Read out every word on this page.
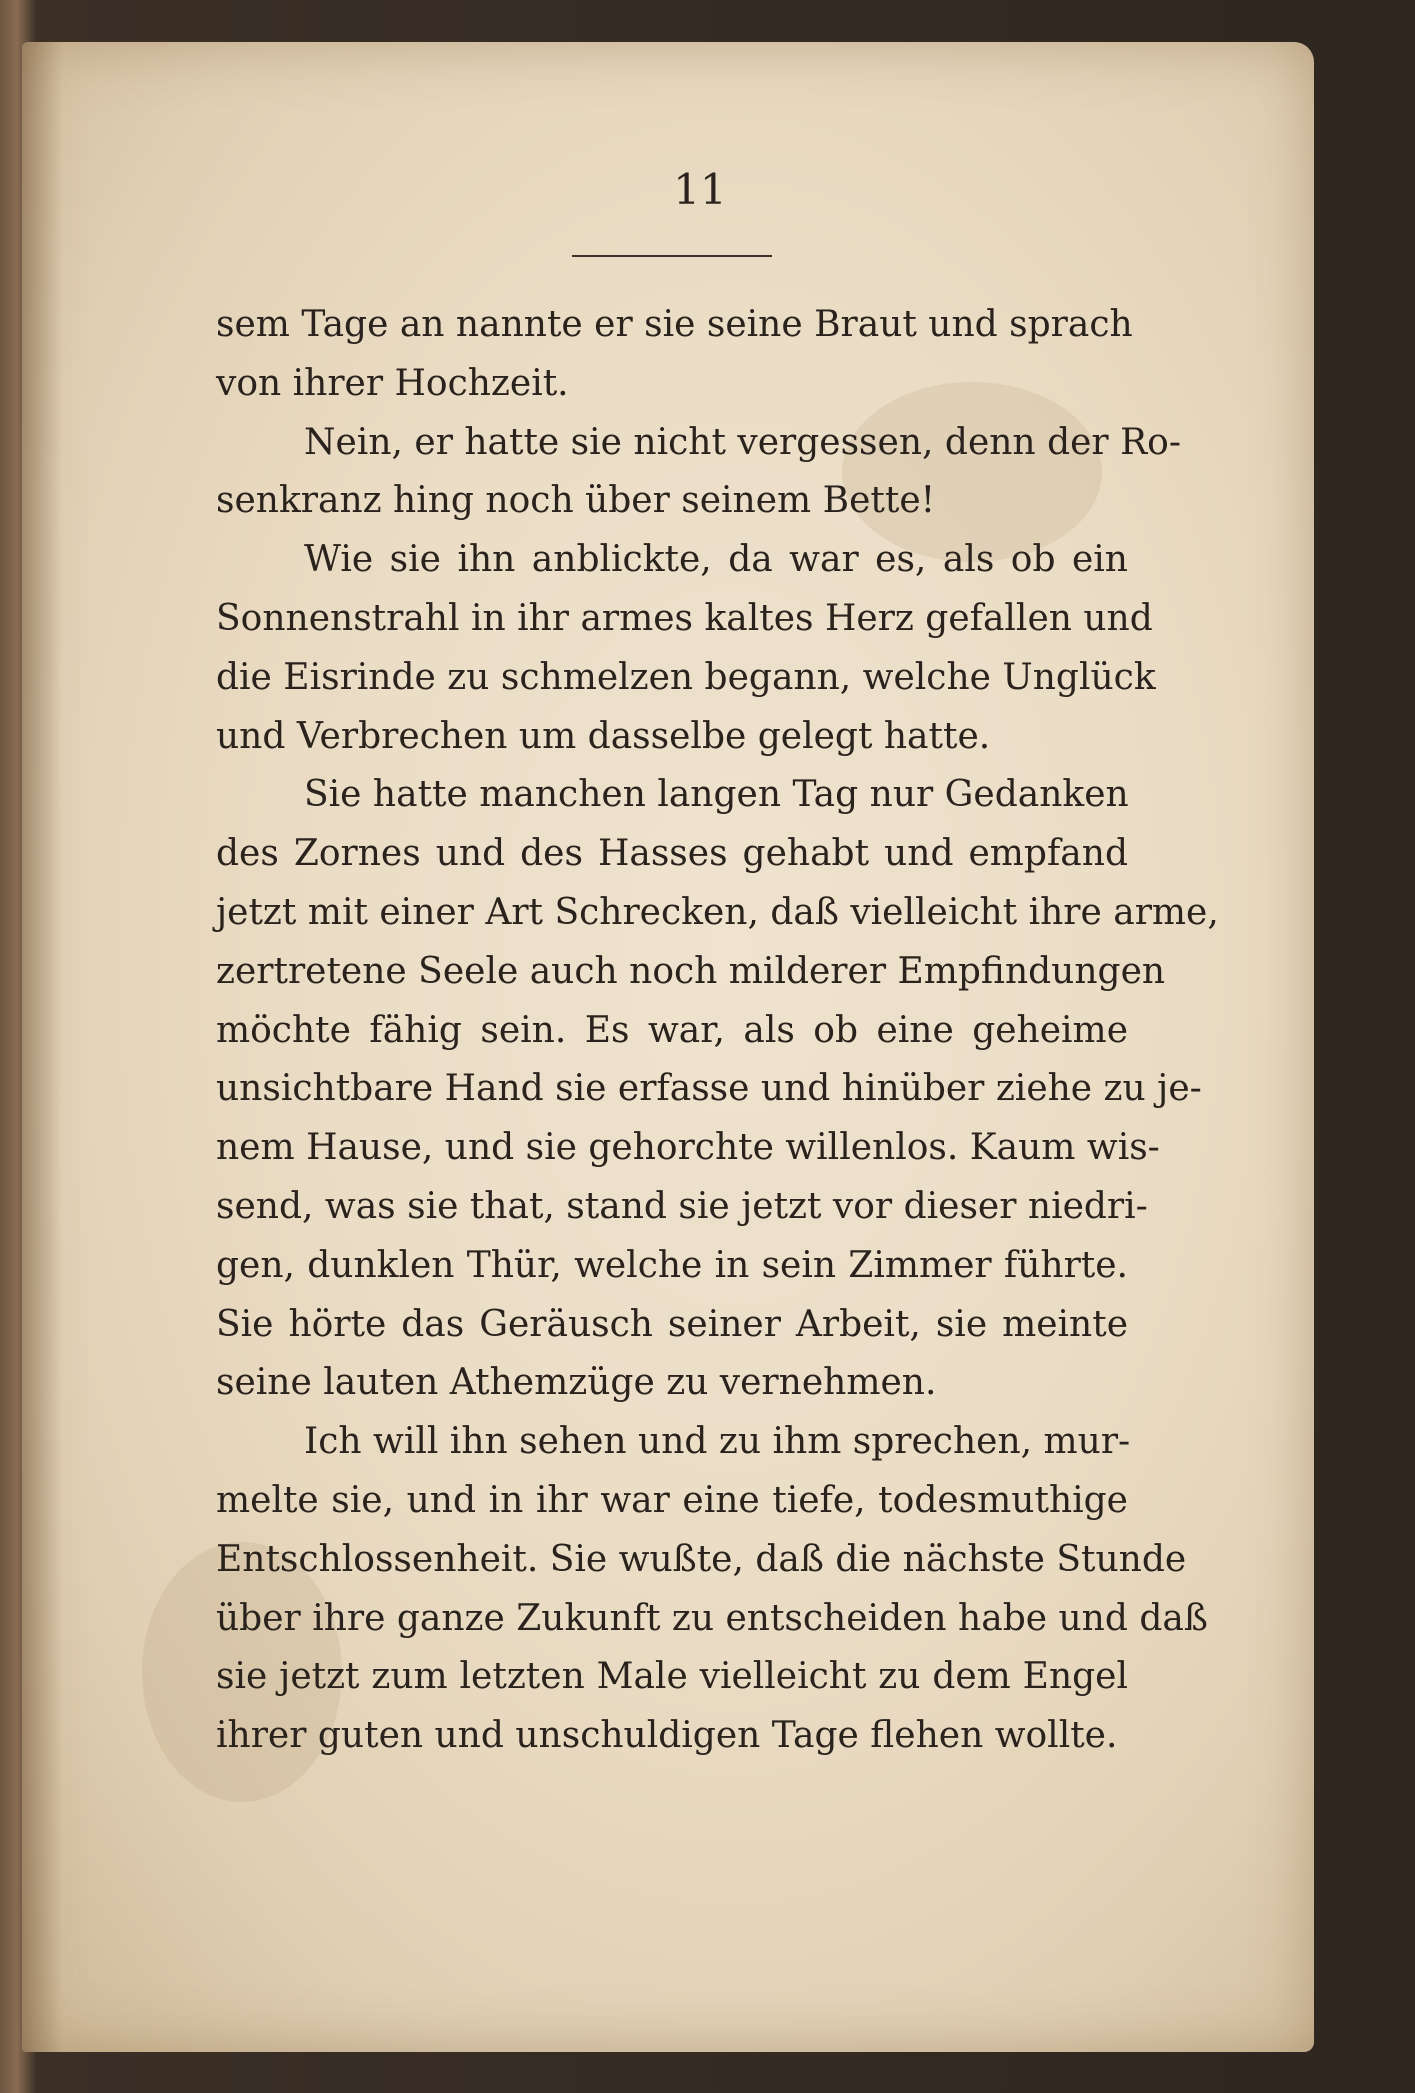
11
sem Tage an nannte er sie seine Braut und sprach
von ihrer Hochzeit.
Nein, er hatte sie nicht vergessen, denn der Ro-
senkranz hing noch über seinem Bette!
Wie sie ihn anblickte, da war es, als ob ein
Sonnenstrahl in ihr armes kaltes Herz gefallen und
die Eisrinde zu schmelzen begann, welche Unglück
und Verbrechen um dasselbe gelegt hatte.
Sie hatte manchen langen Tag nur Gedanken
des Zornes und des Hasses gehabt und empfand
jetzt mit einer Art Schrecken, daß vielleicht ihre arme,
zertretene Seele auch noch milderer Empfindungen
möchte fähig sein. Es war, als ob eine geheime
unsichtbare Hand sie erfasse und hinüber ziehe zu je-
nem Hause, und sie gehorchte willenlos. Kaum wis-
send, was sie that, stand sie jetzt vor dieser niedri-
gen, dunklen Thür, welche in sein Zimmer führte.
Sie hörte das Geräusch seiner Arbeit, sie meinte
seine lauten Athemzüge zu vernehmen.
Ich will ihn sehen und zu ihm sprechen, mur-
melte sie, und in ihr war eine tiefe, todesmuthige
Entschlossenheit. Sie wußte, daß die nächste Stunde
über ihre ganze Zukunft zu entscheiden habe und daß
sie jetzt zum letzten Male vielleicht zu dem Engel
ihrer guten und unschuldigen Tage flehen wollte.
